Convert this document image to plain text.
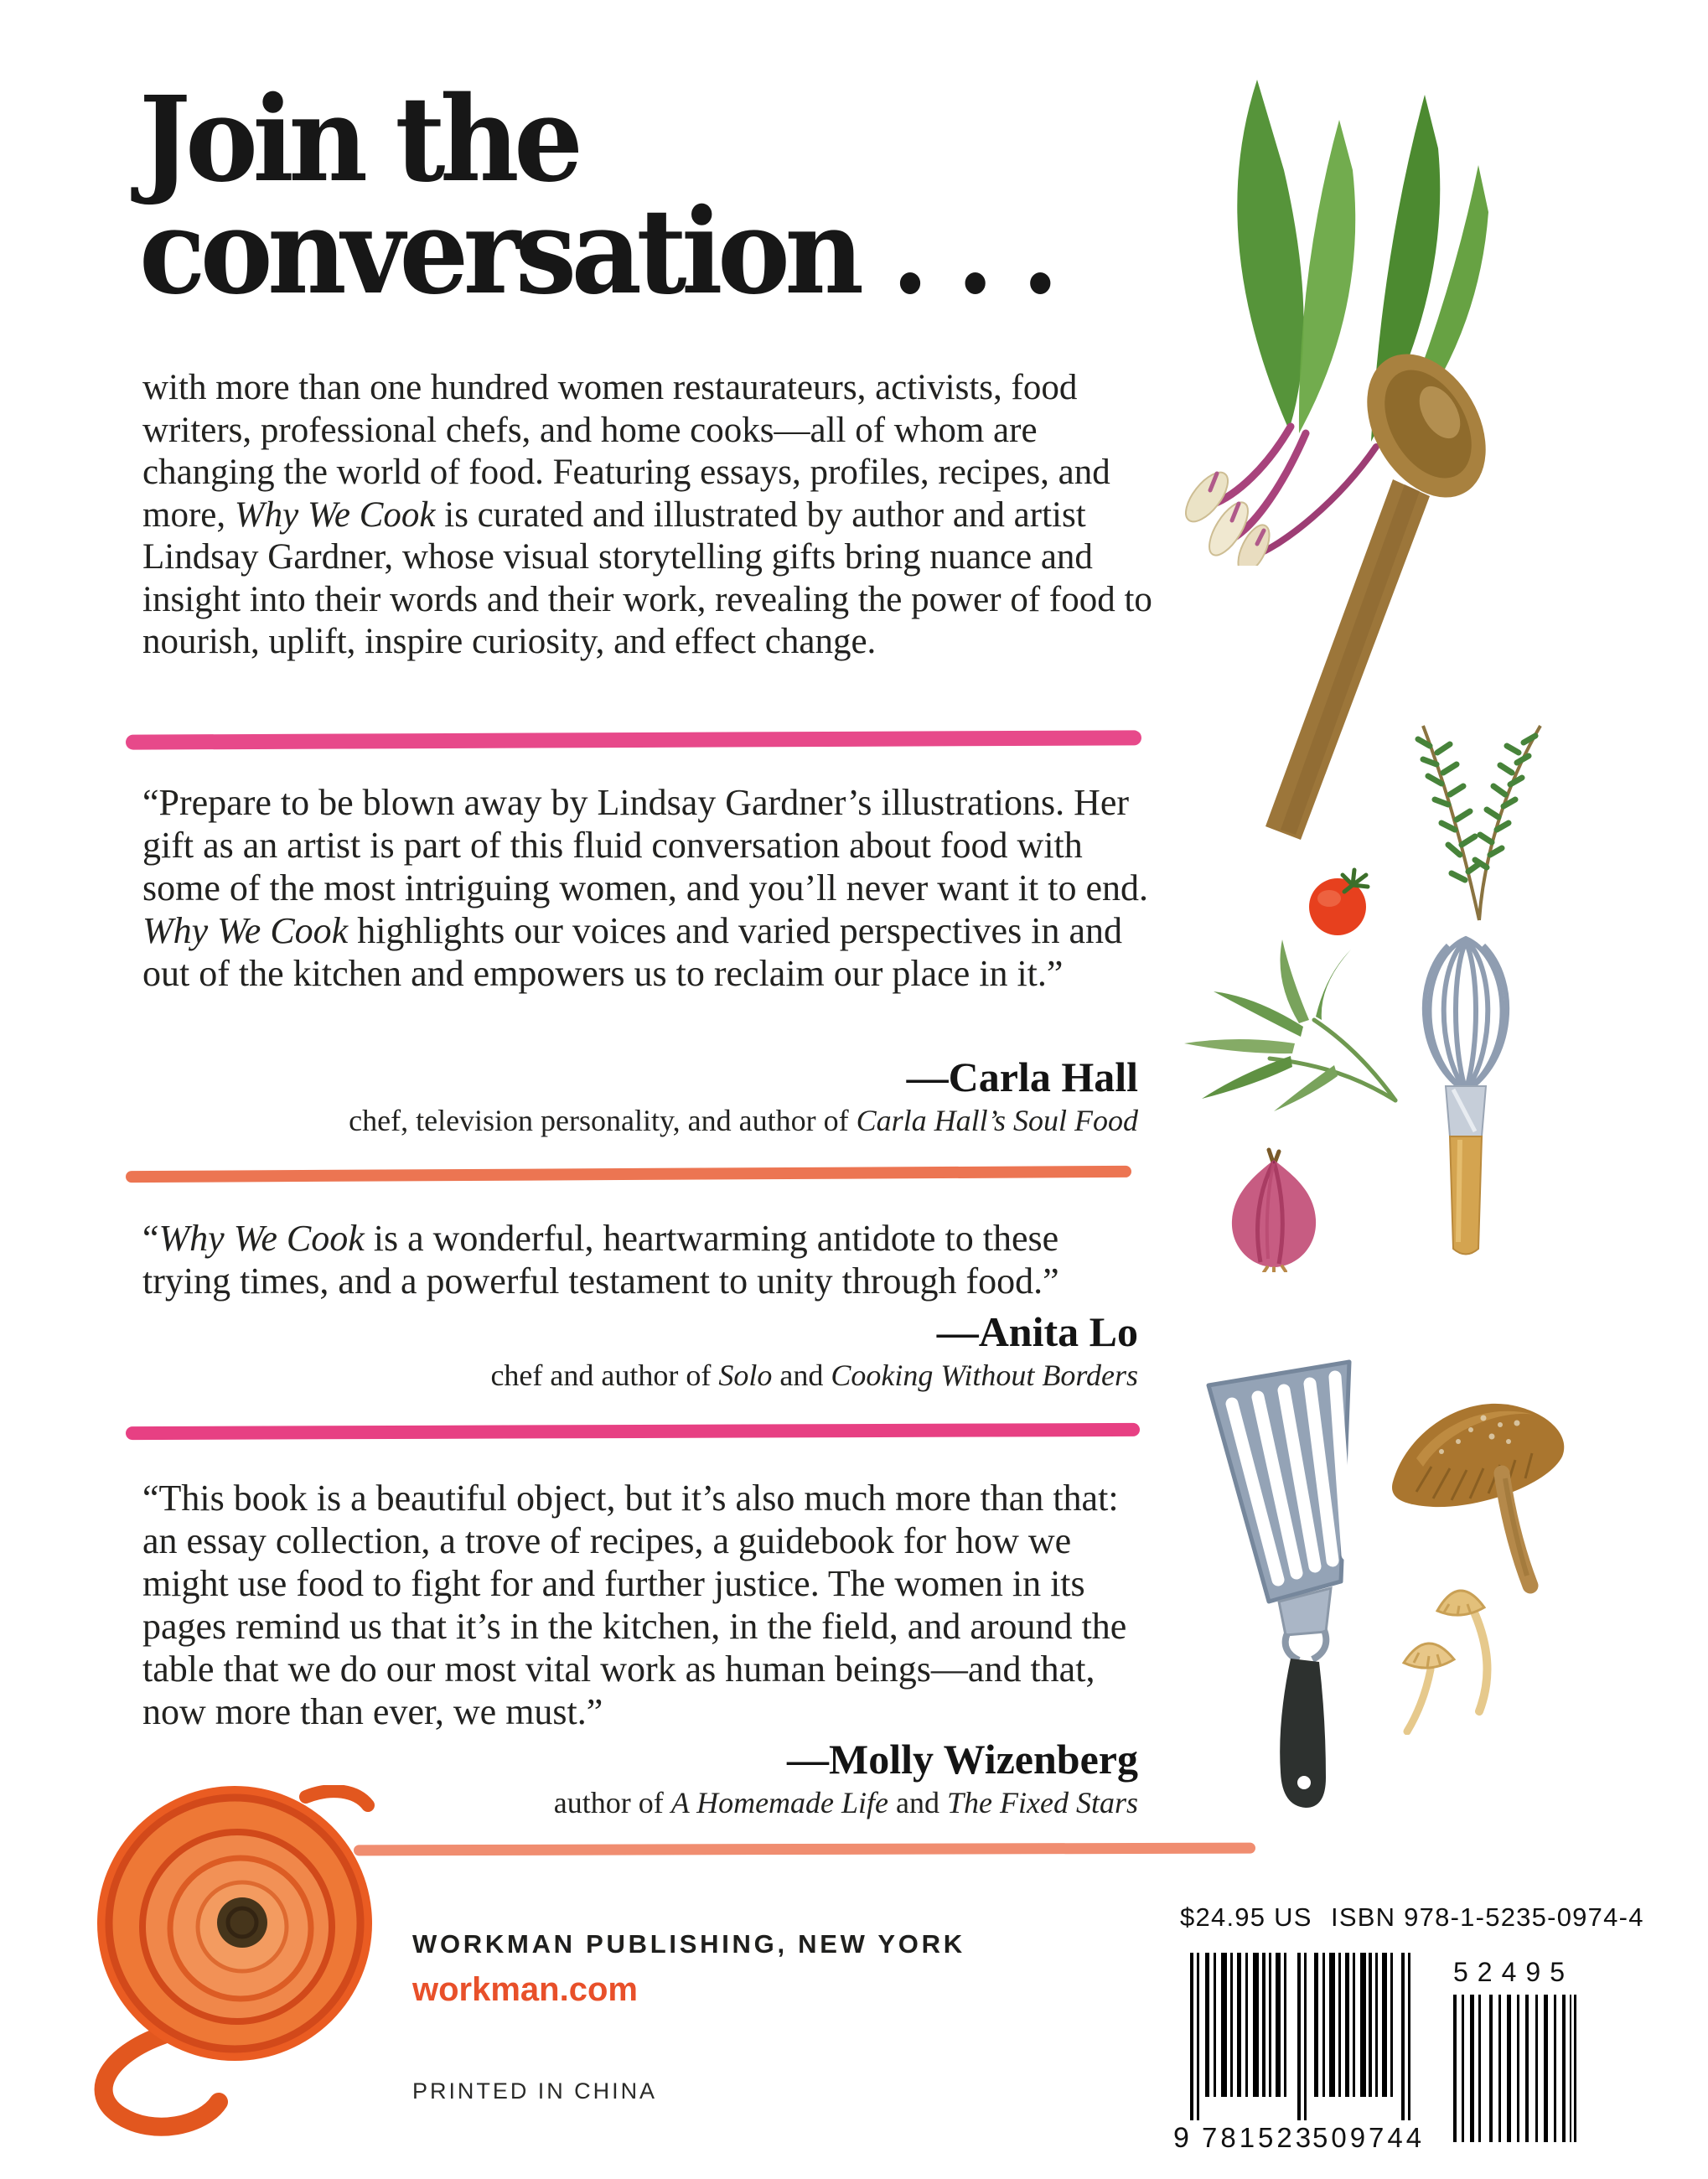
Join the
conversation . . .
with more than one hundred women restaurateurs, activists, food writers, professional chefs, and home cooks—all of whom are changing the world of food. Featuring essays, profiles, recipes, and more, Why We Cook is curated and illustrated by author and artist Lindsay Gardner, whose visual storytelling gifts bring nuance and insight into their words and their work, revealing the power of food to nourish, uplift, inspire curiosity, and effect change.
“Prepare to be blown away by Lindsay Gardner’s illustrations. Her gift as an artist is part of this fluid conversation about food with some of the most intriguing women, and you’ll never want it to end. Why We Cook highlights our voices and varied perspectives in and out of the kitchen and empowers us to reclaim our place in it.”
—Carla Hall
chef, television personality, and author of Carla Hall’s Soul Food
“Why We Cook is a wonderful, heartwarming antidote to these trying times, and a powerful testament to unity through food.”
—Anita Lo
chef and author of Solo and Cooking Without Borders
“This book is a beautiful object, but it’s also much more than that: an essay collection, a trove of recipes, a guidebook for how we might use food to fight for and further justice. The women in its pages remind us that it’s in the kitchen, in the field, and around the table that we do our most vital work as human beings—and that, now more than ever, we must.”
—Molly Wizenberg
author of A Homemade Life and The Fixed Stars
WORKMAN PUBLISHING, NEW YORK
workman.com
PRINTED IN CHINA
$24.95 US ISBN 978-1-5235-0974-4
9 781523
509744
52495
